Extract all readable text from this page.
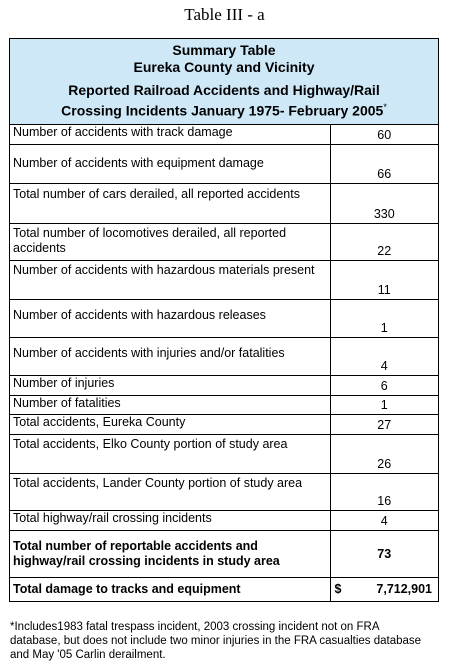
Table III - a
Summary Table
Eureka County and Vicinity
Reported Railroad Accidents and Highway/Rail
Crossing Incidents January 1975- February 2005*
Number of accidents with track damage	60
Number of accidents with equipment damage	66
Total number of cars derailed, all reported accidents	330
Total number of locomotives derailed, all reported accidents	22
Number of accidents with hazardous materials present	11
Number of accidents with hazardous releases	1
Number of accidents with injuries and/or fatalities	4
Number of injuries	6
Number of fatalities	1
Total accidents, Eureka County	27
Total accidents, Elko County portion of study area	26
Total accidents, Lander County portion of study area	16
Total highway/rail crossing incidents	4
Total number of reportable accidents and highway/rail crossing incidents in study area	73
Total damage to tracks and equipment	$ 7,712,901
*Includes1983 fatal trespass incident, 2003 crossing incident not on FRA database, but does not include two minor injuries in the FRA casualties database and May '05 Carlin derailment.
